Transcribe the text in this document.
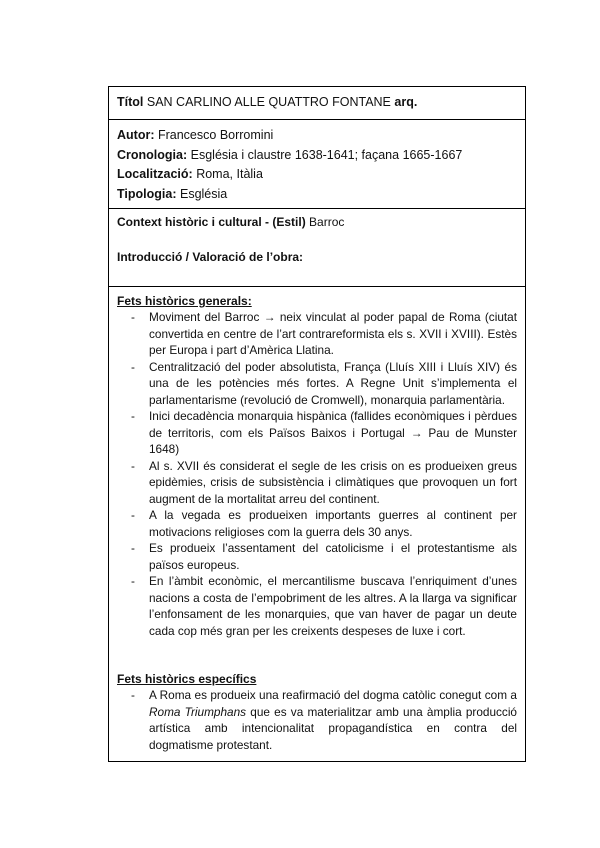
Títol SAN CARLINO ALLE QUATTRO FONTANE arq.
Autor: Francesco Borromini
Cronologia: Església i claustre 1638-1641; façana 1665-1667
Localització: Roma, Itàlia
Tipologia: Església
Context històric i cultural - (Estil) Barroc
Introducció / Valoració de l’obra:
Fets històrics generals:
- Moviment del Barroc → neix vinculat al poder papal de Roma (ciutat convertida en centre de l’art contrareformista els s. XVII i XVIII). Estès per Europa i part d’Amèrica Llatina.
- Centralització del poder absolutista, França (Lluís XIII i Lluís XIV) és una de les potències més fortes. A Regne Unit s’implementa el parlamentarisme (revolució de Cromwell), monarquia parlamentària.
- Inici decadència monarquia hispànica (fallides econòmiques i pèrdues de territoris, com els Països Baixos i Portugal → Pau de Munster 1648)
- Al s. XVII és considerat el segle de les crisis on es produeixen greus epidèmies, crisis de subsistència i climàtiques que provoquen un fort augment de la mortalitat arreu del continent.
- A la vegada es produeixen importants guerres al continent per motivacions religioses com la guerra dels 30 anys.
- Es produeix l’assentament del catolicisme i el protestantisme als països europeus.
- En l’àmbit econòmic, el mercantilisme buscava l’enriquiment d’unes nacions a costa de l’empobriment de les altres. A la llarga va significar l’enfonsament de les monarquies, que van haver de pagar un deute cada cop més gran per les creixents despeses de luxe i cort.
Fets històrics específics
- A Roma es produeix una reafirmació del dogma catòlic conegut com a Roma Triumphans que es va materialitzar amb una àmplia producció artística amb intencionalitat propagandística en contra del dogmatisme protestant.
